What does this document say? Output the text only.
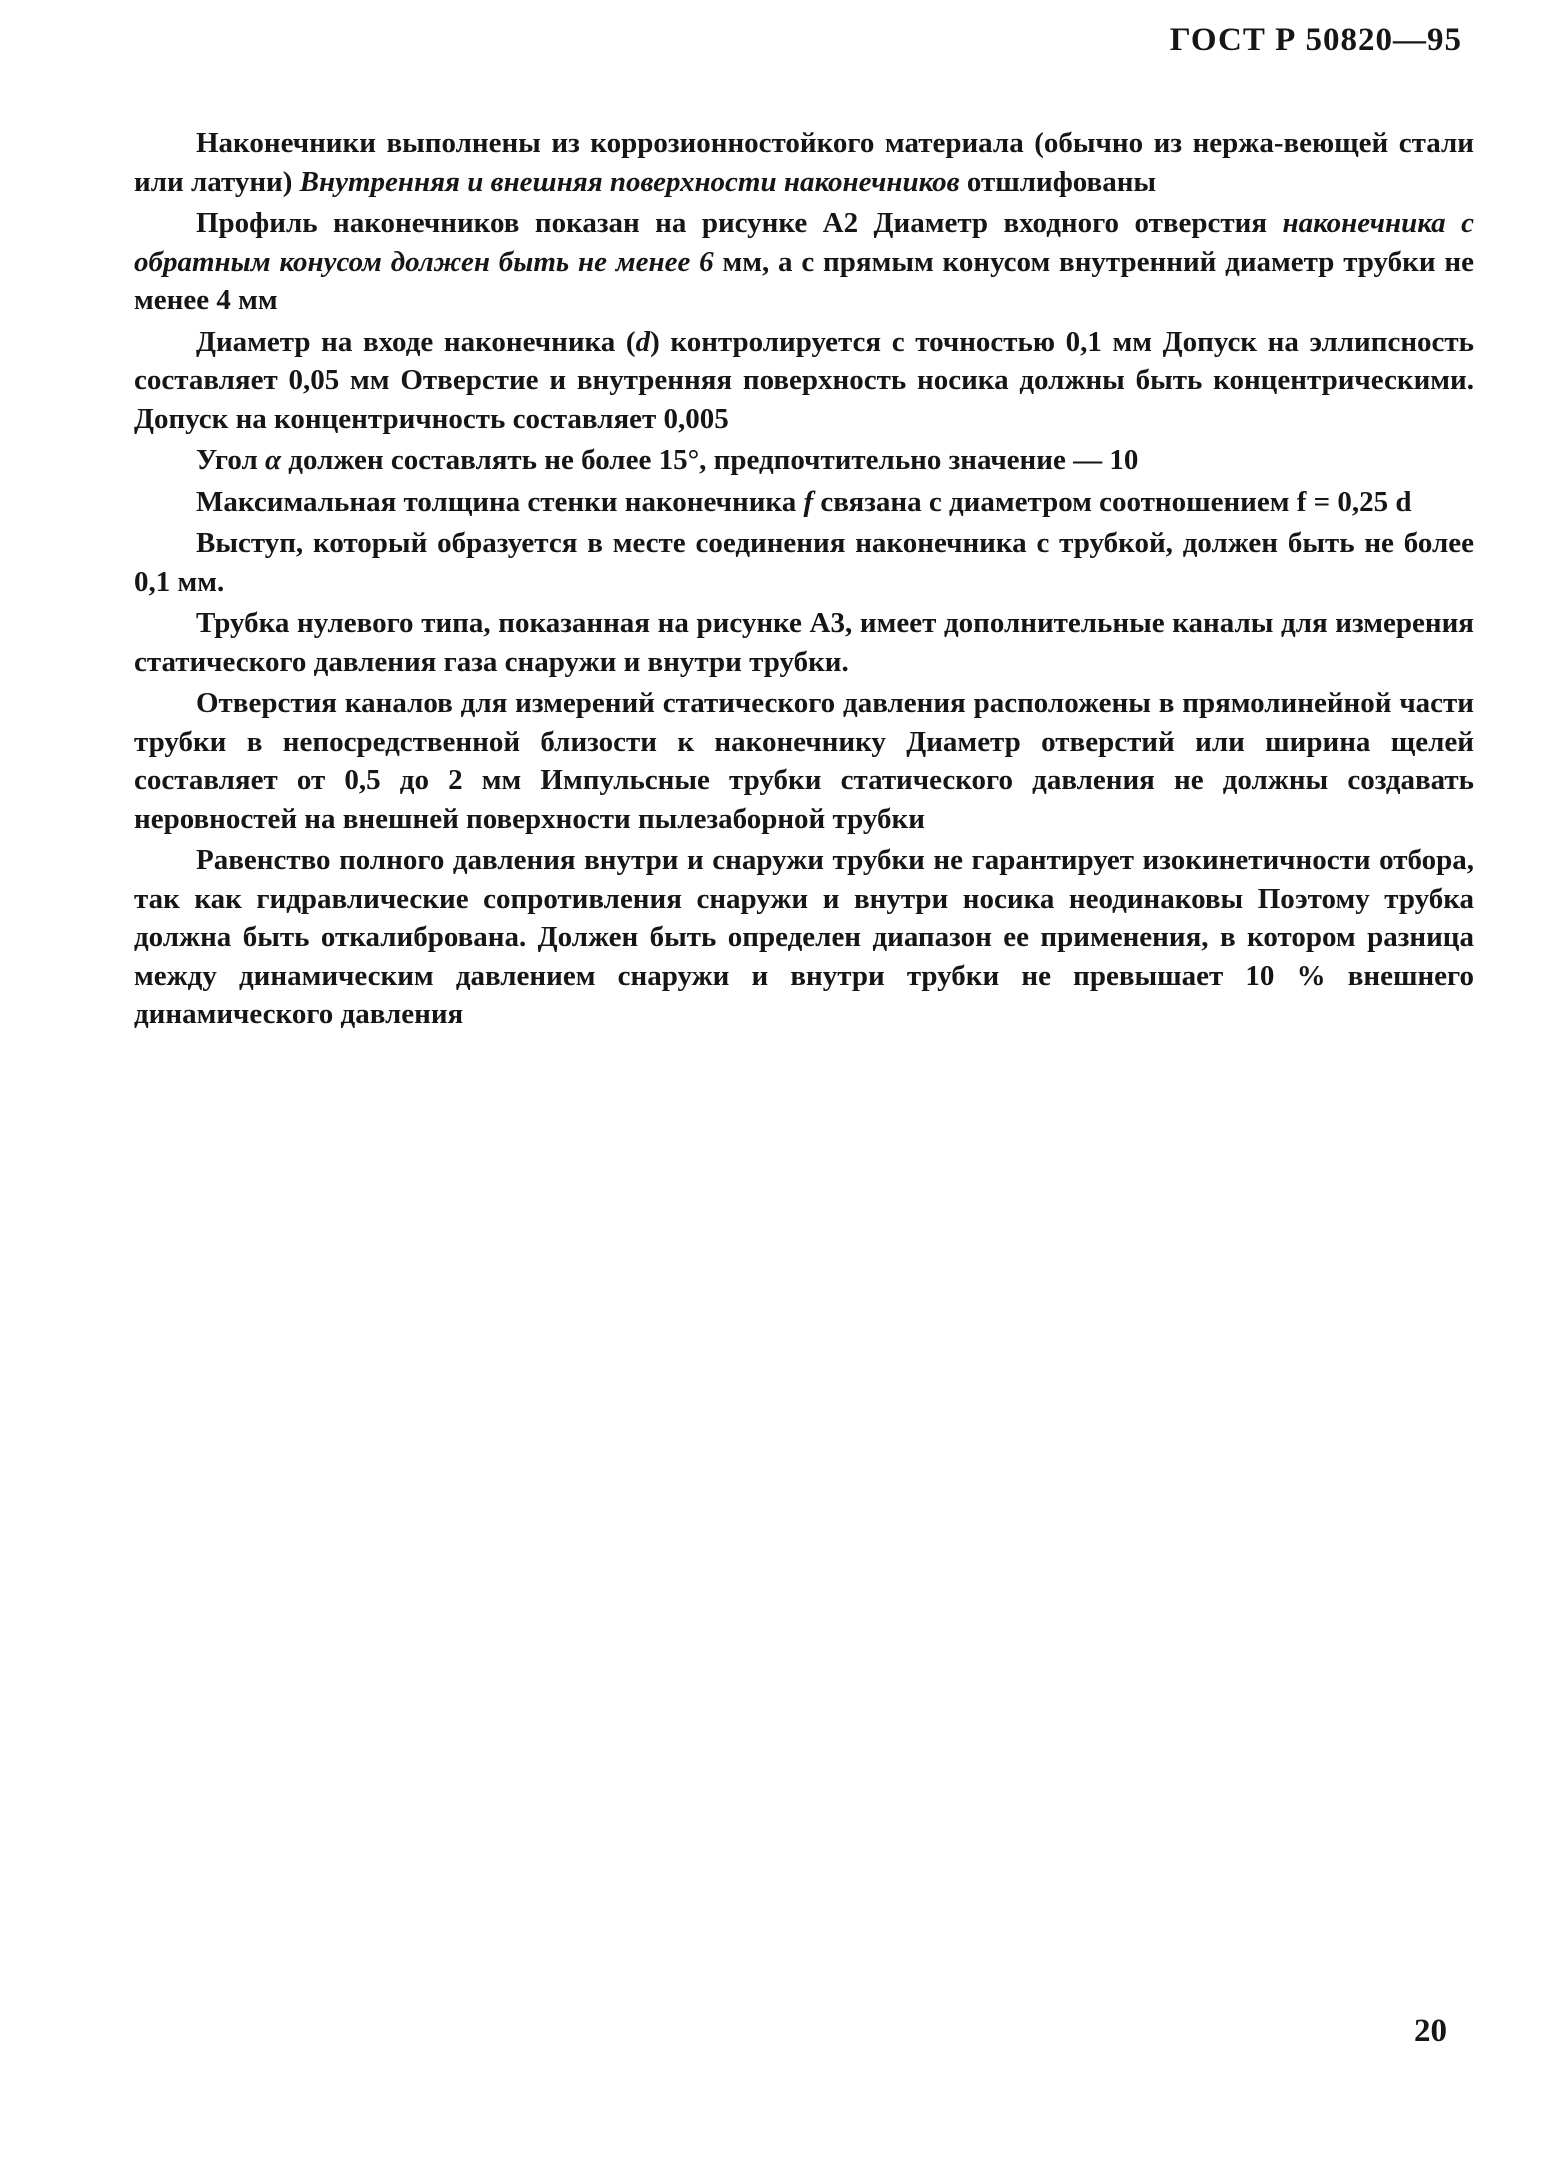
ГОСТ Р 50820—95

Наконечники выполнены из коррозионностойкого материала (обычно из нержа-веющей стали или латуни) Внутренняя и внешняя поверхности наконечников отшлифованы

Профиль наконечников показан на рисунке А2 Диаметр входного отверстия наконечника с обратным конусом должен быть не менее 6 мм, а с прямым конусом внутренний диаметр трубки не менее 4 мм

Диаметр на входе наконечника (d) контролируется с точностью 0,1 мм Допуск на эллипсность составляет 0,05 мм Отверстие и внутренняя поверхность носика должны быть концентрическими. Допуск на концентричность составляет 0,005

Угол α должен составлять не более 15°, предпочтительно значение — 10

Максимальная толщина стенки наконечника f связана с диаметром соотношением f = 0,25 d

Выступ, который образуется в месте соединения наконечника с трубкой, должен быть не более 0,1 мм.

Трубка нулевого типа, показанная на рисунке А3, имеет дополнительные каналы для измерения статического давления газа снаружи и внутри трубки.

Отверстия каналов для измерений статического давления расположены в прямолинейной части трубки в непосредственной близости к наконечнику Диаметр отверстий или ширина щелей составляет от 0,5 до 2 мм Импульсные трубки статического давления не должны создавать неровностей на внешней поверхности пылезаборной трубки

Равенство полного давления внутри и снаружи трубки не гарантирует изокинетичности отбора, так как гидравлические сопротивления снаружи и внутри носика неодинаковы Поэтому трубка должна быть откалибрована. Должен быть определен диапазон ее применения, в котором разница между динамическим давлением снаружи и внутри трубки не превышает 10 % внешнего динамического давления

20
